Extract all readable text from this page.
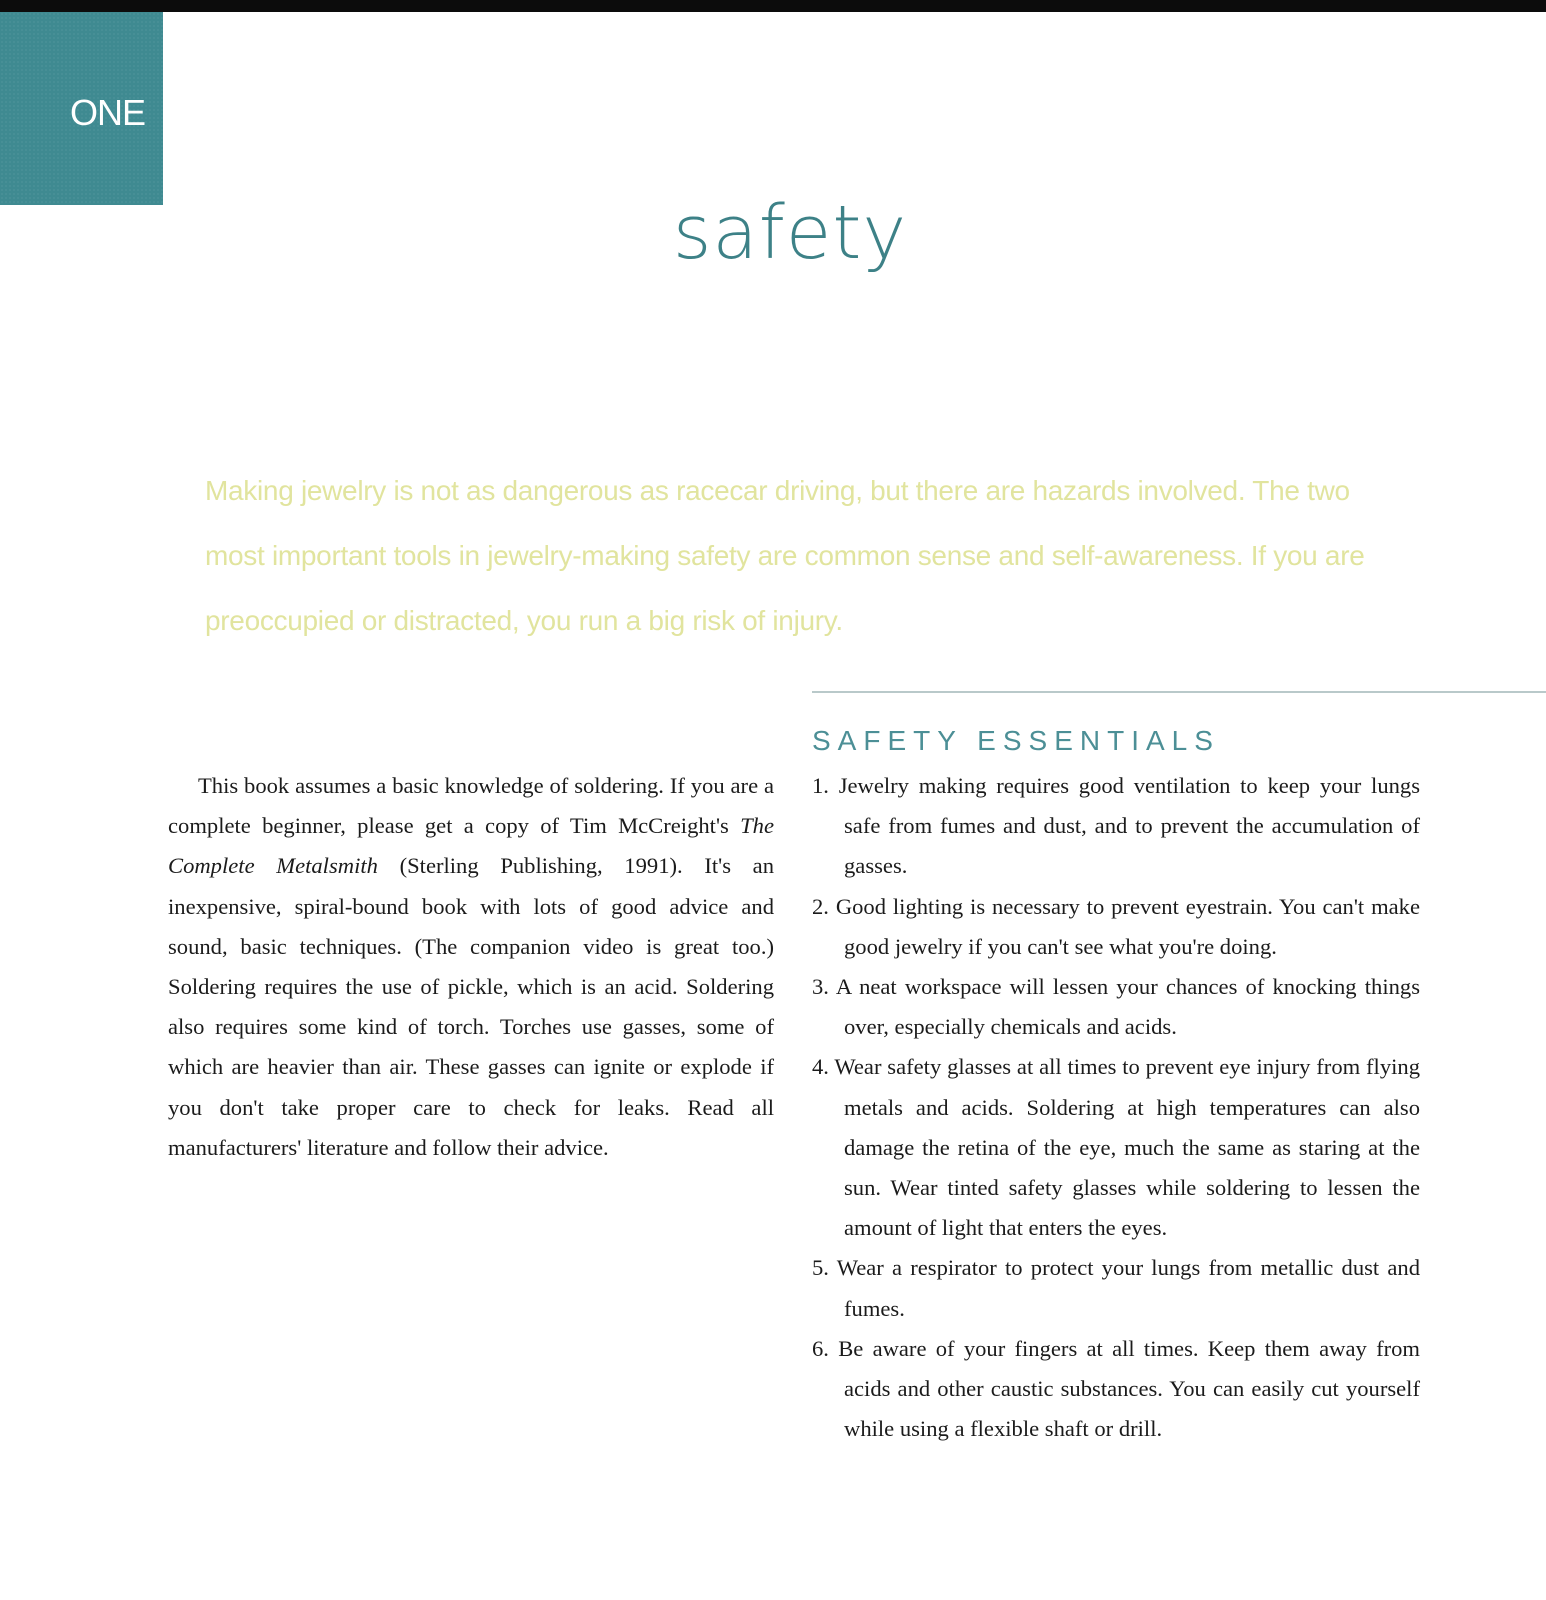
ONE
safety

Making jewelry is not as dangerous as racecar driving, but there are hazards involved. The two most important tools in jewelry-making safety are common sense and self-awareness. If you are preoccupied or distracted, you run a big risk of injury.

SAFETY ESSENTIALS

This book assumes a basic knowledge of soldering. If you are a complete beginner, please get a copy of Tim McCreight's The Complete Metalsmith (Sterling Publishing, 1991). It's an inexpensive, spiral-bound book with lots of good advice and sound, basic techniques. (The companion video is great too.) Soldering requires the use of pickle, which is an acid. Soldering also requires some kind of torch. Torches use gasses, some of which are heavier than air. These gasses can ignite or explode if you don't take proper care to check for leaks. Read all manufacturers' literature and follow their advice.

1. Jewelry making requires good ventilation to keep your lungs safe from fumes and dust, and to prevent the accumulation of gasses.
2. Good lighting is necessary to prevent eyestrain. You can't make good jewelry if you can't see what you're doing.
3. A neat workspace will lessen your chances of knocking things over, especially chemicals and acids.
4. Wear safety glasses at all times to prevent eye injury from flying metals and acids. Soldering at high temperatures can also damage the retina of the eye, much the same as staring at the sun. Wear tinted safety glasses while soldering to lessen the amount of light that enters the eyes.
5. Wear a respirator to protect your lungs from metallic dust and fumes.
6. Be aware of your fingers at all times. Keep them away from acids and other caustic substances. You can easily cut yourself while using a flexible shaft or drill.
